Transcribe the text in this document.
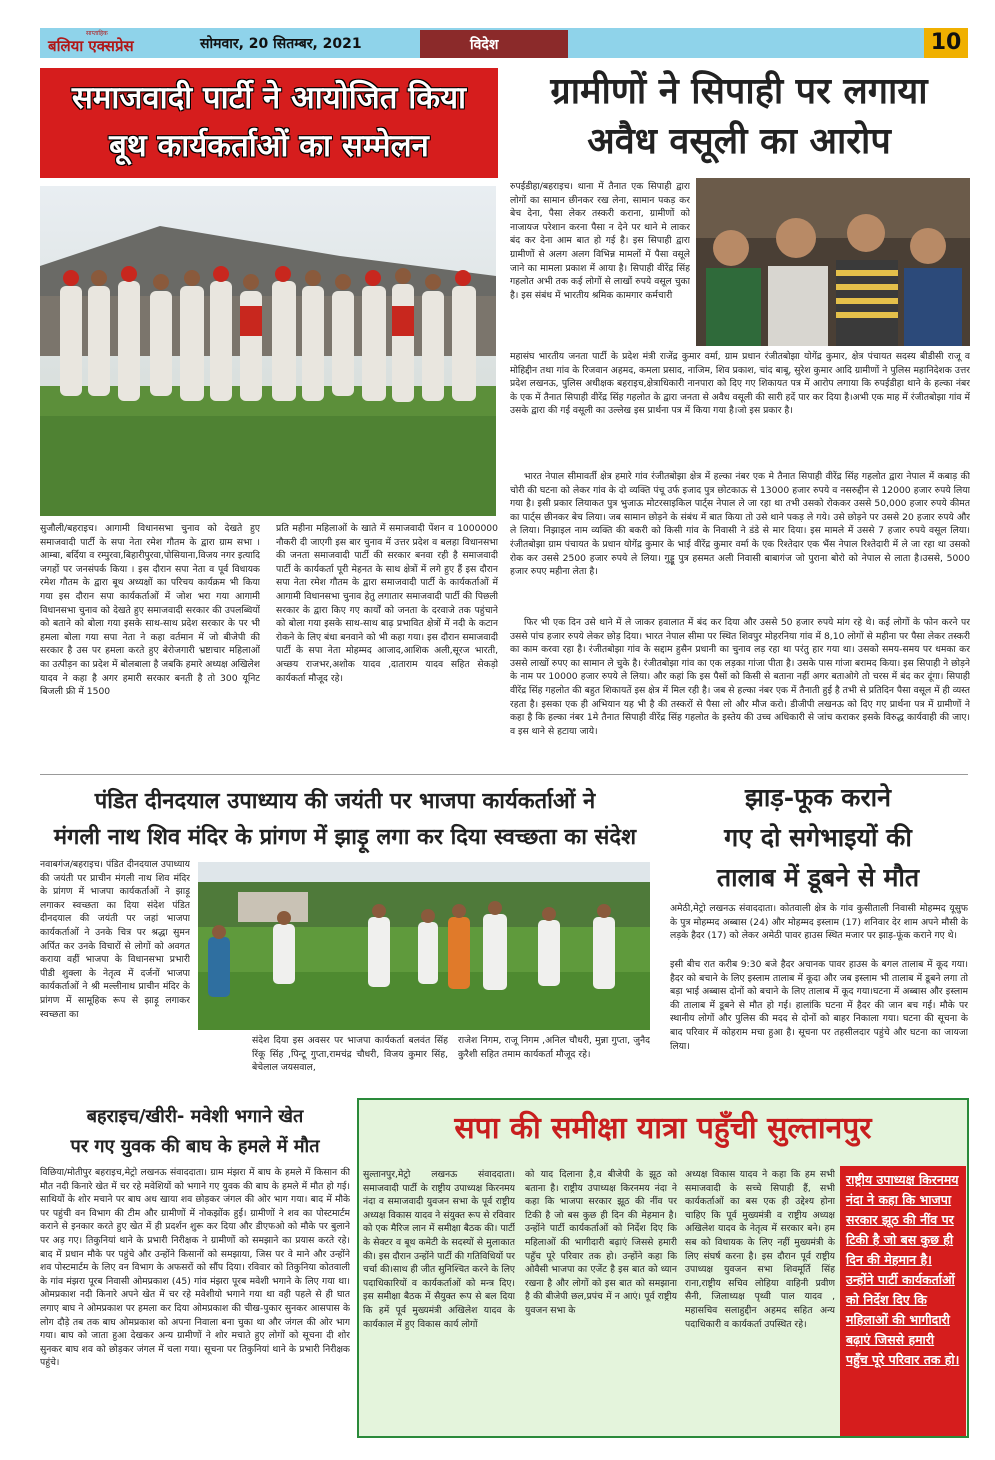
साप्ताहिक
बलिया एक्सप्रेस	सोमवार, 20 सितम्बर, 2021	विदेश	10
समाजवादी पार्टी ने आयोजित किया
बूथ कार्यकर्ताओं का सम्मेलन
सुजौली/बहराइच। आगामी विधानसभा चुनाव को देखते हुए समाजवादी पार्टी के सपा नेता रमेश गौतम के द्वारा ग्राम सभा । आम्बा, बर्दिया व रम्पुरवा,बिहारीपुरवा,पोसियाना,विजय नगर इत्यादि जगहों पर जनसंपर्क किया । इस दौरान सपा नेता व पूर्व विधायक रमेश गौतम के द्वारा बूथ अध्यक्षों का परिचय कार्यक्रम भी किया गया इस दौरान सपा कार्यकर्ताओं में जोश भरा गया आगामी विधानसभा चुनाव को देखते हुए समाजवादी सरकार की उपलब्धियों को बताने को बोला गया इसके साथ-साथ प्रदेश सरकार के पर भी हमला बोला गया सपा नेता ने कहा वर्तमान में जो बीजेपी की सरकार है उस पर हमला करते हुए बेरोजगारी भ्रष्टाचार महिलाओं का उत्पीड़न का प्रदेश में बोलबाला है जबकि हमारे अध्यक्ष अखिलेश यादव ने कहा है अगर हमारी सरकार बनती है तो 300 यूनिट बिजली फ्री में 1500
प्रति महीना महिलाओं के खाते में समाजवादी पेंशन व 1000000 नौकरी दी जाएगी इस बार चुनाव में उत्तर प्रदेश व बलहा विधानसभा की जनता समाजवादी पार्टी की सरकार बनवा रही है समाजवादी पार्टी के कार्यकर्ता पूरी मेहनत के साथ क्षेत्रों में लगे हुए हैं इस दौरान सपा नेता रमेश गौतम के द्वारा समाजवादी पार्टी के कार्यकर्ताओं में आगामी विधानसभा चुनाव हेतु लगातार समाजवादी पार्टी की पिछली सरकार के द्वारा किए गए कार्यों को जनता के दरवाजे तक पहुंचाने को बोला गया इसके साथ-साथ बाढ़ प्रभावित क्षेत्रों में नदी के कटान रोकने के लिए बंधा बनवाने को भी कहा गया। इस दौरान समाजवादी पार्टी के सपा नेता मोहम्मद आजाद,आशिक अली,सूरज भारती, अच्छय राजभर,अशोक यादव ,दाताराम यादव सहित सेकड़ो कार्यकर्ता मौजूद रहे।
ग्रामीणों ने सिपाही पर लगाया
अवैध वसूली का आरोप
रुपईडीहा/बहराइच। थाना में तैनात एक सिपाही द्वारा लोगों का सामान छीनकर रख लेना, सामान पकड़ कर बेच देना, पैसा लेकर तस्करी कराना, ग्रामीणों को नाजायज परेशान करना पैसा न देने पर थाने मे लाकर बंद कर देना आम बात हो गई है। इस सिपाही द्वारा ग्रामीणों से अलग अलग विभिन्न मामलों में पैसा वसूले जाने का मामला प्रकाश में आया है। सिपाही वीरेंद्र सिंह गहलोत अभी तक कई लोगों से लाखों रुपये वसूल चुका है। इस संबंध में भारतीय श्रमिक कामगार कर्मचारी
महासंघ भारतीय जनता पार्टी के प्रदेश मंत्री राजेंद्र कुमार वर्मा, ग्राम प्रधान रंजीतबोझा योगेंद्र कुमार, क्षेत्र पंचायत सदस्य बीडीसी राजू व मोहिद्दीन तथा गांव के रिजवान अहमद, कमला प्रसाद, नाजिम, शिव प्रकाश, चांद बाबू, सुरेश कुमार आदि ग्रामीणों ने पुलिस महानिदेशक उत्तर प्रदेश लखनऊ, पुलिस अधीक्षक बहराइच,क्षेत्राधिकारी नानपारा को दिए गए शिकायत पत्र में आरोप लगाया कि रुपईडीहा थाने के हल्का नंबर के एक में तैनात सिपाही वीरेंद्र सिंह गहलोत के द्वारा जनता से अवैध वसूली की सारी हदें पार कर दिया है।अभी एक माह में रंजीतबोझा गांव में उसके द्वारा की गई वसूली का उल्लेख इस प्रार्थना पत्र में किया गया है।जो इस प्रकार है।
भारत नेपाल सीमावर्ती क्षेत्र हमारे गांव रंजीतबोझा क्षेत्र में हल्का नंबर एक मे तैनात सिपाही वीरेंद्र सिंह गहलोत द्वारा नेपाल में कबाड़ की चोरी की घटना को लेकर गांव के दो व्यक्ति पंचू उर्फ इजाद पुत्र छोटकाऊ से 13000 हजार रुपये व नसरुद्दीन से 12000 हजार रुपये लिया गया है। इसी प्रकार लियाकत पुत्र भुजाऊ मोटरसाइकिल पार्ट्स नेपाल ले जा रहा था तभी उसको रोककर उससे 50,000 हजार रुपये कीमत का पार्ट्स छीनकर बेच लिया। जब सामान छोड़ने के संबंध में बात किया तो उसे थाने पकड़ ले गये। उसे छोड़ने पर उससे 20 हजार रुपये और ले लिया। निझाइल नाम व्यक्ति की बकरी को किसी गांव के निवासी ने डंडे से मार दिया। इस मामले में उससे 7 हजार रुपये वसूल लिया। रंजीतबोझा ग्राम पंचायत के प्रधान योगेंद्र कुमार के भाई वीरेंद्र कुमार वर्मा के एक रिश्तेदार एक भैंस नेपाल रिश्तेदारी में ले जा रहा था उसको रोक कर उससे 2500 हजार रुपये ले लिया। गुड्डू पुत्र हसमत अली निवासी बाबागंज जो पुराना बोरो को नेपाल से लाता है।उससे, 5000 हजार रुपए महीना लेता है।
फिर भी एक दिन उसे थाने में ले जाकर हवालात में बंद कर दिया और उससे 50 हजार रुपये मांग रहे थे। कई लोगों के फोन करने पर उससे पांच हजार रुपये लेकर छोड़ दिया। भारत नेपाल सीमा पर स्थित शिवपुर मोहरनिया गांव में 8,10 लोगों से महीना पर पैसा लेकर तस्करी का काम करवा रहा है। रंजीतबोझा गांव के सद्दाम हुसैन प्रधानी का चुनाव लड़ रहा था परंतु हार गया था। उसको समय-समय पर धमका कर उससे लाखों रुपए का सामान ले चुके है। रंजीतबोझा गांव का एक लड़का गांजा पीता है। उसके पास गांजा बरामद किया। इस सिपाही ने छोड़ने के नाम पर 10000 हजार रुपये ले लिया। और कहां कि इस पैसों को किसी से बताना नहीं अगर बताओगे तो चरस में बंद कर दूंगा। सिपाही वीरेंद्र सिंह गहलोत की बहुत शिकायतें इस क्षेत्र में मिल रही है। जब से हल्का नंबर एक में तैनाती हुई है तभी से प्रतिदिन पैसा वसूल में ही व्यस्त रहता है। इसका एक ही अभियान यह भी है की तस्करों से पैसा लो और मौज करो। डीजीपी लखनऊ को दिए गए प्रार्थना पत्र में ग्रामीणों ने कहा है कि हल्का नंबर 1मे तैनात सिपाही वीरेंद्र सिंह गहलोत के इस्तेय की उच्च अधिकारी से जांच कराकर इसके विरुद्ध कार्यवाही की जाए। व इस थाने से हटाया जाये।
पंडित दीनदयाल उपाध्याय की जयंती पर भाजपा कार्यकर्ताओं ने
मंगली नाथ शिव मंदिर के प्रांगण में झाड़ू लगा कर दिया स्वच्छता का संदेश
नवाबगंज/बहराइच। पंडित दीनदयाल उपाध्याय की जयंती पर प्राचीन मंगली नाथ शिव मंदिर के प्रांगण में भाजपा कार्यकर्ताओं ने झाड़ू लगाकर स्वच्छता का दिया संदेश पंडित दीनदयाल की जयंती पर जहां भाजपा कार्यकर्ताओं ने उनके चित्र पर श्रद्धा सुमन अर्पित कर उनके विचारों से लोगों को अवगत कराया वहीं भाजपा के विधानसभा प्रभारी पीडी शुक्ला के नेतृत्व में दर्जनों भाजपा कार्यकर्ताओं ने श्री मल्लीनाथ प्राचीन मंदिर के प्रांगण में सामूहिक रूप से झाड़ू लगाकर स्वच्छता का
संदेश दिया इस अवसर पर भाजपा कार्यकर्ता बलवंत सिंह रिंकू सिंह ,पिन्टू गुप्ता,रामचंद्र चौधरी, विजय कुमार सिंह, बेचेलाल जयसवाल,
राजेश निगम, राजू निगम ,अनिल चौधरी, मुन्ना गुप्ता, जुनैद कुरैशी सहित तमाम कार्यकर्ता मौजूद रहे।
झाड़-फूक कराने
गए दो सगेभाइयों की
तालाब में डूबने से मौत
अमेठी,मेट्रो लखनऊ संवाददाता। कोतवाली क्षेत्र के गांव कुसीताली निवासी मोहम्मद यूसुफ के पुत्र मोहम्मद अब्बास (24) और मोहम्मद इस्लाम (17) शनिवार देर शाम अपने मौसी के लड़के हैदर (17) को लेकर अमेठी पावर हाउस स्थित मजार पर झाड़-फूंक कराने गए थे।
इसी बीच रात करीब 9:30 बजे हैदर अचानक पावर हाउस के बगल तालाब में कूद गया। हैदर को बचाने के लिए इस्लाम तालाब में कूदा और जब इस्लाम भी तालाब में डूबने लगा तो बड़ा भाई अब्बास दोनों को बचाने के लिए तालाब में कूद गया।घटना में अब्बास और इस्लाम की तालाब में डूबने से मौत हो गई। हालांकि घटना में हैदर की जान बच गई। मौके पर स्थानीय लोगों और पुलिस की मदद से दोनों को बाहर निकाला गया। घटना की सूचना के बाद परिवार में कोहराम मचा हुआ है। सूचना पर तहसीलदार पहुंचे और घटना का जायजा लिया।
बहराइच/खीरी- मवेशी भगाने खेत
पर गए युवक की बाघ के हमले में मौत
विछिया/मोतीपुर बहराइच,मेट्रो लखनऊ संवाददाता। ग्राम मंझरा में बाघ के हमले में किसान की मौत नदी किनारे खेत में चर रहे मवेशियों को भगाने गए युवक की बाघ के हमले में मौत हो गई। साथियों के शोर मचाने पर बाघ अध खाया शव छोड़कर जंगल की ओर भाग गया। बाद में मौके पर पहुंची वन विभाग की टीम और ग्रामीणों में नोकझोंक हुई। ग्रामीणों ने शव का पोस्टमार्टम कराने से इनकार करते हुए खेत में ही प्रदर्शन शुरू कर दिया और डीएफओ को मौके पर बुलाने पर अड़ गए। तिकुनियां थाने के प्रभारी निरीक्षक ने ग्रामीणों को समझाने का प्रयास करते रहे। बाद में प्रधान मौके पर पहुंचे और उन्होंने किसानों को समझाया, जिस पर वे माने और उन्होंने शव पोस्टमार्टम के लिए वन विभाग के अफसरों को सौंप दिया। रविवार को तिकुनिया कोतवाली के गांव मंझरा पूरब निवासी ओमप्रकाश (45) गांव मंझरा पूरब मवेशी भगाने के लिए गया था। ओमप्रकाश नदी किनारे अपने खेत में चर रहे मवेशीयो भगाने गया था वही पहले से ही घात लगाए बाघ ने ओमप्रकाश पर हमला कर दिया ओमप्रकाश की चीख-पुकार सुनकर आसपास के लोग दौड़े तब तक बाघ ओमप्रकाश को अपना निवाला बना चुका था और जंगल की ओर भाग गया। बाघ को जाता हुआ देखकर अन्य ग्रामीणों ने शोर मचाते हुए लोगों को सूचना दी शोर सुनकर बाघ शव को छोड़कर जंगल में चला गया। सूचना पर तिकुनियां थाने के प्रभारी निरीक्षक पहुंचे।
सपा की समीक्षा यात्रा पहुँची सुल्तानपुर
सुल्तानपुर,मेट्रो लखनऊ संवाददाता। समाजवादी पार्टी के राष्ट्रीय उपाध्यक्ष किरनमय नंदा व समाजवादी युवजन सभा के पूर्व राष्ट्रीय अध्यक्ष विकास यादव ने संयुक्त रूप से रविवार को एक मैरिज लान में समीक्षा बैठक की। पार्टी के सेक्टर व बूथ कमेटी के सदस्यों से मुलाकात की। इस दौरान उन्होंने पार्टी की गतिविधियों पर चर्चा की।साथ ही जीत सुनिश्चित करने के लिए पदाधिकारियों व कार्यकर्ताओं को मन्त्र दिए। इस समीक्षा बैठक में सैयुक्त रूप से बल दिया कि हमें पूर्व मुख्यमंत्री अखिलेश यादव के कार्यकाल में हुए विकास कार्य लोगों
को याद दिलाना है,व बीजेपी के झूठ को बताना है। राष्ट्रीय उपाध्यक्ष किरनमय नंदा ने कहा कि भाजपा सरकार झूठ की नींव पर टिकी है जो बस कुछ ही दिन की मेहमान है। उन्होंने पार्टी कार्यकर्ताओं को निर्देश दिए कि महिलाओं की भागीदारी बढ़ाएं जिससे हमारी पहुँच पूरे परिवार तक हो। उन्होंने कहा कि ओवैसी भाजपा का एजेंट है इस बात को ध्यान रखना है और लोगों को इस बात को समझाना है की बीजेपी छल,प्रपंच में न आएं। पूर्व राष्ट्रीय युवजन सभा के
अध्यक्ष विकास यादव ने कहा कि हम सभी समाजवादी के सच्चे सिपाही हैं, सभी कार्यकर्ताओं का बस एक ही उद्देश्य होना चाहिए कि पूर्व मुख्यमंत्री व राष्ट्रीय अध्यक्ष अखिलेश यादव के नेतृत्व में सरकार बने। हम सब को विधायक के लिए नहीं मुख्यमंत्री के लिए संघर्ष करना है। इस दौरान पूर्व राष्ट्रीय उपाध्यक्ष युवजन सभा शिवमूर्ति सिंह राना,राष्ट्रीय सचिव लोहिया वाहिनी प्रवीण सैनी, जिलाध्यक्ष पृथ्वी पाल यादव , महासचिव सलाहुद्दीन अहमद सहित अन्य पदाधिकारी व कार्यकर्ता उपस्थित रहे।
राष्ट्रीय उपाध्यक्ष किरनमय नंदा ने कहा कि भाजपा सरकार झूठ की नींव पर टिकी है जो बस कुछ ही दिन की मेहमान है। उन्होंने पार्टी कार्यकर्ताओं को निर्देश दिए कि महिलाओं की भागीदारी बढ़ाएं जिससे हमारी पहुँच पूरे परिवार तक हो।
